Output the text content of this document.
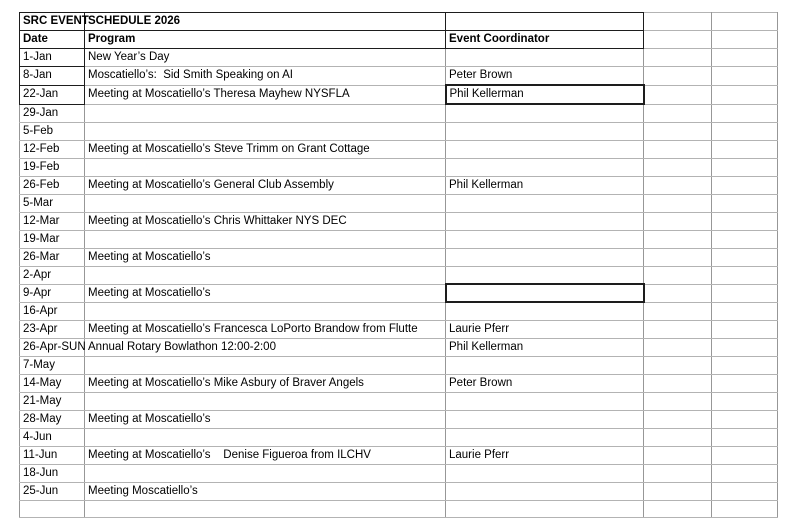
SRC EVENT	SCHEDULE 2026			
Date	Program	Event Coordinator		
1-Jan	New Year’s Day			
8-Jan	Moscatiello’s:  Sid Smith Speaking on AI	Peter Brown		
22-Jan	Meeting at Moscatiello’s Theresa Mayhew NYSFLA	Phil Kellerman		
29-Jan				
5-Feb				
12-Feb	Meeting at Moscatiello’s Steve Trimm on Grant Cottage			
19-Feb				
26-Feb	Meeting at Moscatiello’s General Club Assembly	Phil Kellerman		
5-Mar				
12-Mar	Meeting at Moscatiello’s Chris Whittaker NYS DEC			
19-Mar				
26-Mar	Meeting at Moscatiello’s			
2-Apr				
9-Apr	Meeting at Moscatiello’s			
16-Apr				
23-Apr	Meeting at Moscatiello’s Francesca LoPorto Brandow from Flutte	Laurie Pferr		
26-Apr-SUN	Annual Rotary Bowlathon 12:00-2:00	Phil Kellerman		
7-May				
14-May	Meeting at Moscatiello’s Mike Asbury of Braver Angels	Peter Brown		
21-May				
28-May	Meeting at Moscatiello’s			
4-Jun				
11-Jun	Meeting at Moscatiello’s    Denise Figueroa from ILCHV	Laurie Pferr		
18-Jun				
25-Jun	Meeting Moscatiello’s			
